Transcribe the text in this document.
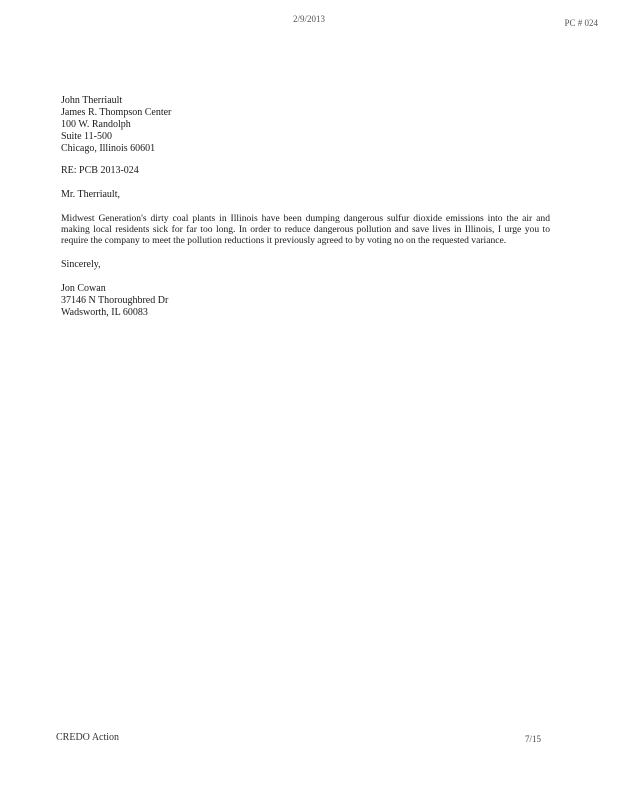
2/9/2013	PC # 024
John Therriault
James R. Thompson Center
100 W. Randolph
Suite 11-500
Chicago, Illinois 60601
RE: PCB 2013-024
Mr. Therriault,
Midwest Generation's dirty coal plants in Illinois have been dumping dangerous sulfur dioxide emissions into the air and making local residents sick for far too long. In order to reduce dangerous pollution and save lives in Illinois, I urge you to require the company to meet the pollution reductions it previously agreed to by voting no on the requested variance.
Sincerely,
Jon Cowan
37146 N Thoroughbred Dr
Wadsworth, IL 60083
CREDO Action	7/15
